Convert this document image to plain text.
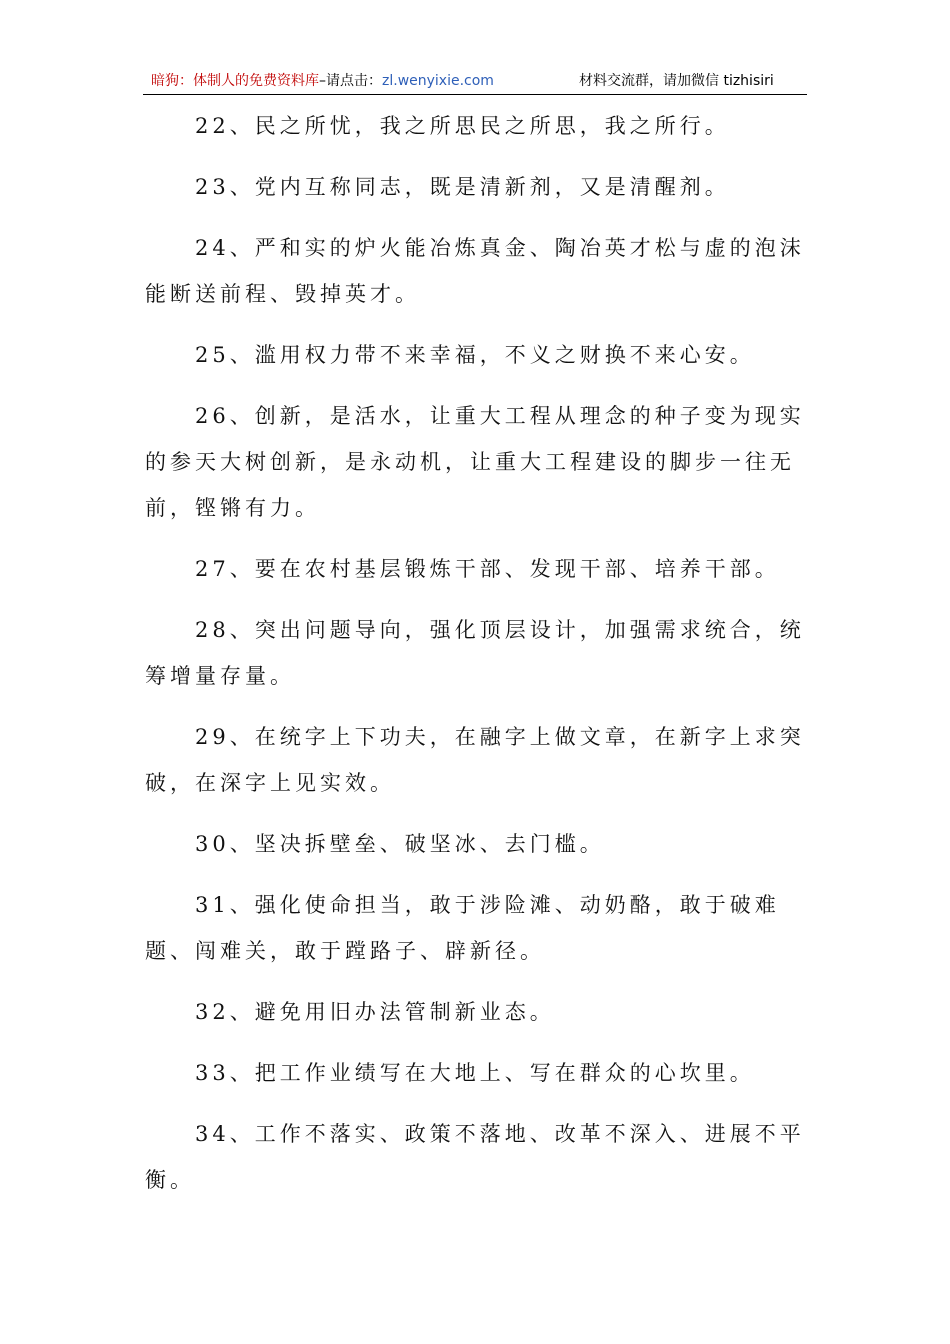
暗狗：体制人的免费资料库–请点击：zl.wenyixie.com	材料交流群，请加微信 tizhisiri

22、民之所忧，我之所思民之所思，我之所行。

23、党内互称同志，既是清新剂，又是清醒剂。

24、严和实的炉火能冶炼真金、陶冶英才松与虚的泡沫能断送前程、毁掉英才。

25、滥用权力带不来幸福，不义之财换不来心安。

26、创新，是活水，让重大工程从理念的种子变为现实的参天大树创新，是永动机，让重大工程建设的脚步一往无前，铿锵有力。

27、要在农村基层锻炼干部、发现干部、培养干部。

28、突出问题导向，强化顶层设计，加强需求统合，统筹增量存量。

29、在统字上下功夫，在融字上做文章，在新字上求突破，在深字上见实效。

30、坚决拆壁垒、破坚冰、去门槛。

31、强化使命担当，敢于涉险滩、动奶酪，敢于破难题、闯难关，敢于蹚路子、辟新径。

32、避免用旧办法管制新业态。

33、把工作业绩写在大地上、写在群众的心坎里。

34、工作不落实、政策不落地、改革不深入、进展不平衡。
